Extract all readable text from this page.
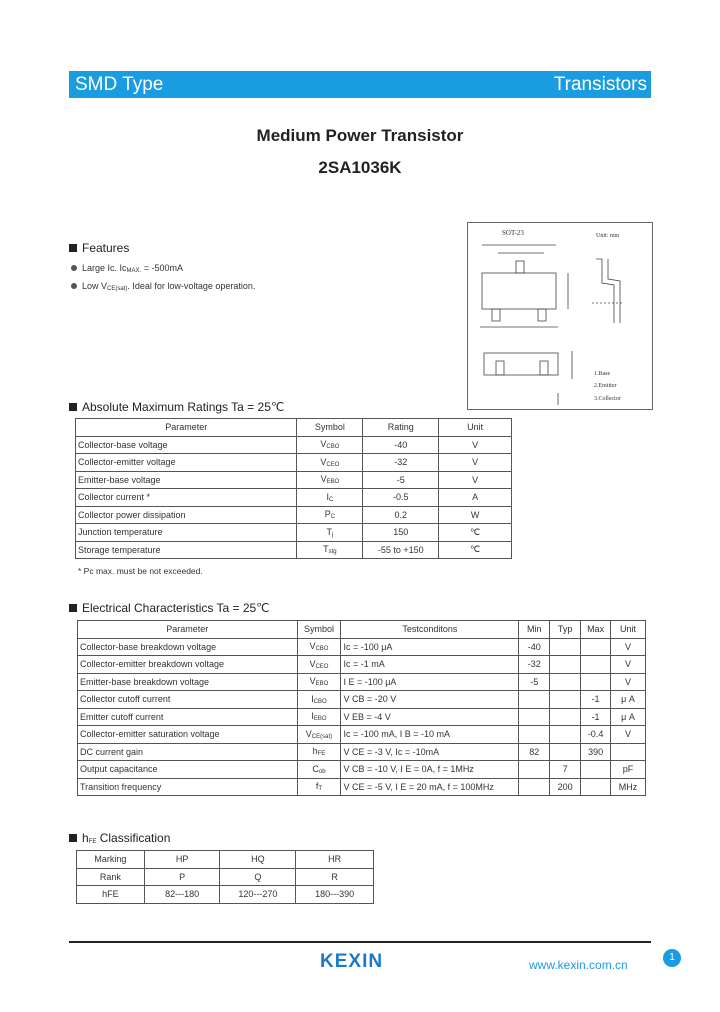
SMD Type	Transistors
Medium Power Transistor
2SA1036K
Features
Large Ic. $Ic_{MAX.} = -500mA$
Low $V_{CE(sat)}$. Ideal for low-voltage operation.
SOT-23	Unit: mm
1.Base
2.Emitter
3.Collector
Absolute Maximum Ratings Ta = 25℃
Parameter	Symbol	Rating	Unit
Collector-base voltage	$V_{CBO}$	-40	V
Collector-emitter voltage	$V_{CEO}$	-32	V
Emitter-base voltage	$V_{EBO}$	-5	V
Collector current *	$I_C$	-0.5	A
Collector power dissipation	$P_C$	0.2	W
Junction temperature	$T_j$	150	℃
Storage temperature	$T_{stg}$	-55 to +150	℃
* Pc max. must be not exceeded.
Electrical Characteristics Ta = 25℃
Parameter	Symbol	Testconditons	Min	Typ	Max	Unit
Collector-base breakdown voltage	$V_{CBO}$	Ic = -100 μA	-40			V
Collector-emitter breakdown voltage	$V_{CEO}$	Ic = -1 mA	-32			V
Emitter-base breakdown voltage	$V_{EBO}$	I E = -100 μA	-5			V
Collector cutoff current	$I_{CBO}$	V CB = -20 V			-1	μ A
Emitter cutoff current	$I_{EBO}$	V EB = -4 V			-1	μ A
Collector-emitter saturation voltage	$V_{CE(sat)}$	Ic = -100 mA, I B = -10 mA			-0.4	V
DC current gain	$h_{FE}$	V CE = -3 V, Ic = -10mA	82		390	
Output capacitance	$C_{ob}$	V CB = -10 V, I E = 0A, f = 1MHz		7		pF
Transition frequency	$f_T$	V CE = -5 V, I E = 20 mA, f = 100MHz		200		MHz
$h_{FE}$ Classification
Marking	HP	HQ	HR
Rank	P	Q	R
hFE	82---180	120---270	180---390
KEXIN	www.kexin.com.cn
1
